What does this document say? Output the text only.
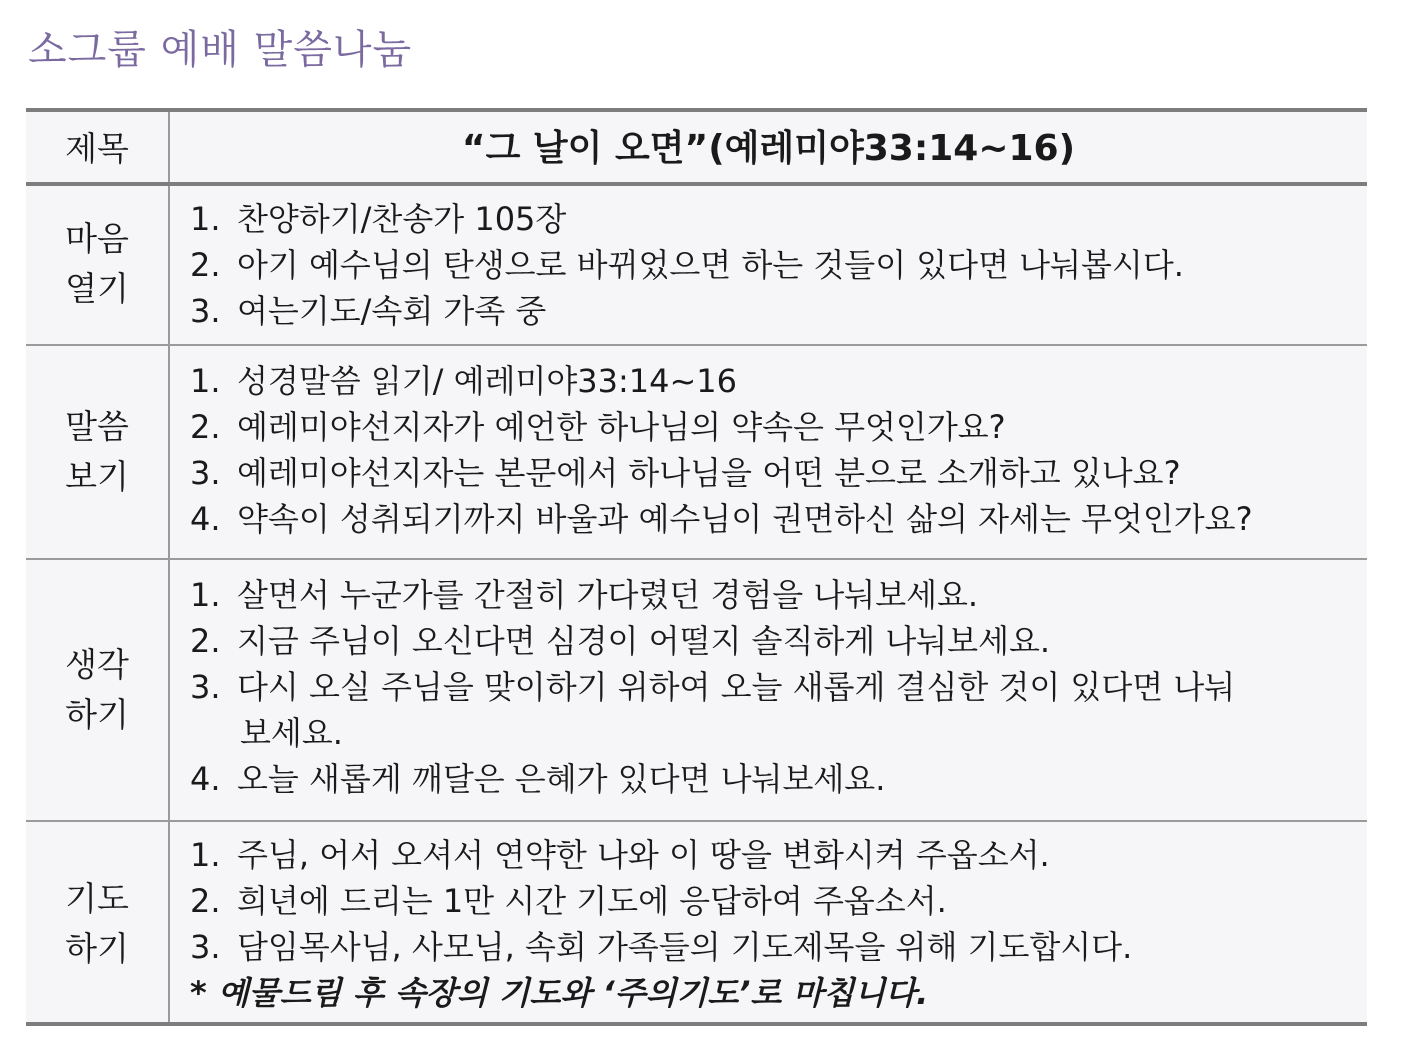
소그룹 예배 말씀나눔
제목	“그 날이 오면”(예레미야33:14~16)
마음
열기
1. 찬양하기/찬송가 105장
2. 아기 예수님의 탄생으로 바뀌었으면 하는 것들이 있다면 나눠봅시다.
3. 여는기도/속회 가족 중
말씀
보기
1. 성경말씀 읽기/ 예레미야33:14~16
2. 예레미야선지자가 예언한 하나님의 약속은 무엇인가요?
3. 예레미야선지자는 본문에서 하나님을 어떤 분으로 소개하고 있나요?
4. 약속이 성취되기까지 바울과 예수님이 권면하신 삶의 자세는 무엇인가요?
생각
하기
1. 살면서 누군가를 간절히 가다렸던 경험을 나눠보세요.
2. 지금 주님이 오신다면 심경이 어떨지 솔직하게 나눠보세요.
3. 다시 오실 주님을 맞이하기 위하여 오늘 새롭게 결심한 것이 있다면 나눠
보세요.
4. 오늘 새롭게 깨달은 은혜가 있다면 나눠보세요.
기도
하기
1. 주님, 어서 오셔서 연약한 나와 이 땅을 변화시켜 주옵소서.
2. 희년에 드리는 1만 시간 기도에 응답하여 주옵소서.
3. 담임목사님, 사모님, 속회 가족들의 기도제목을 위해 기도합시다.
* 예물드림 후 속장의 기도와 ‘주의기도’로 마칩니다.
